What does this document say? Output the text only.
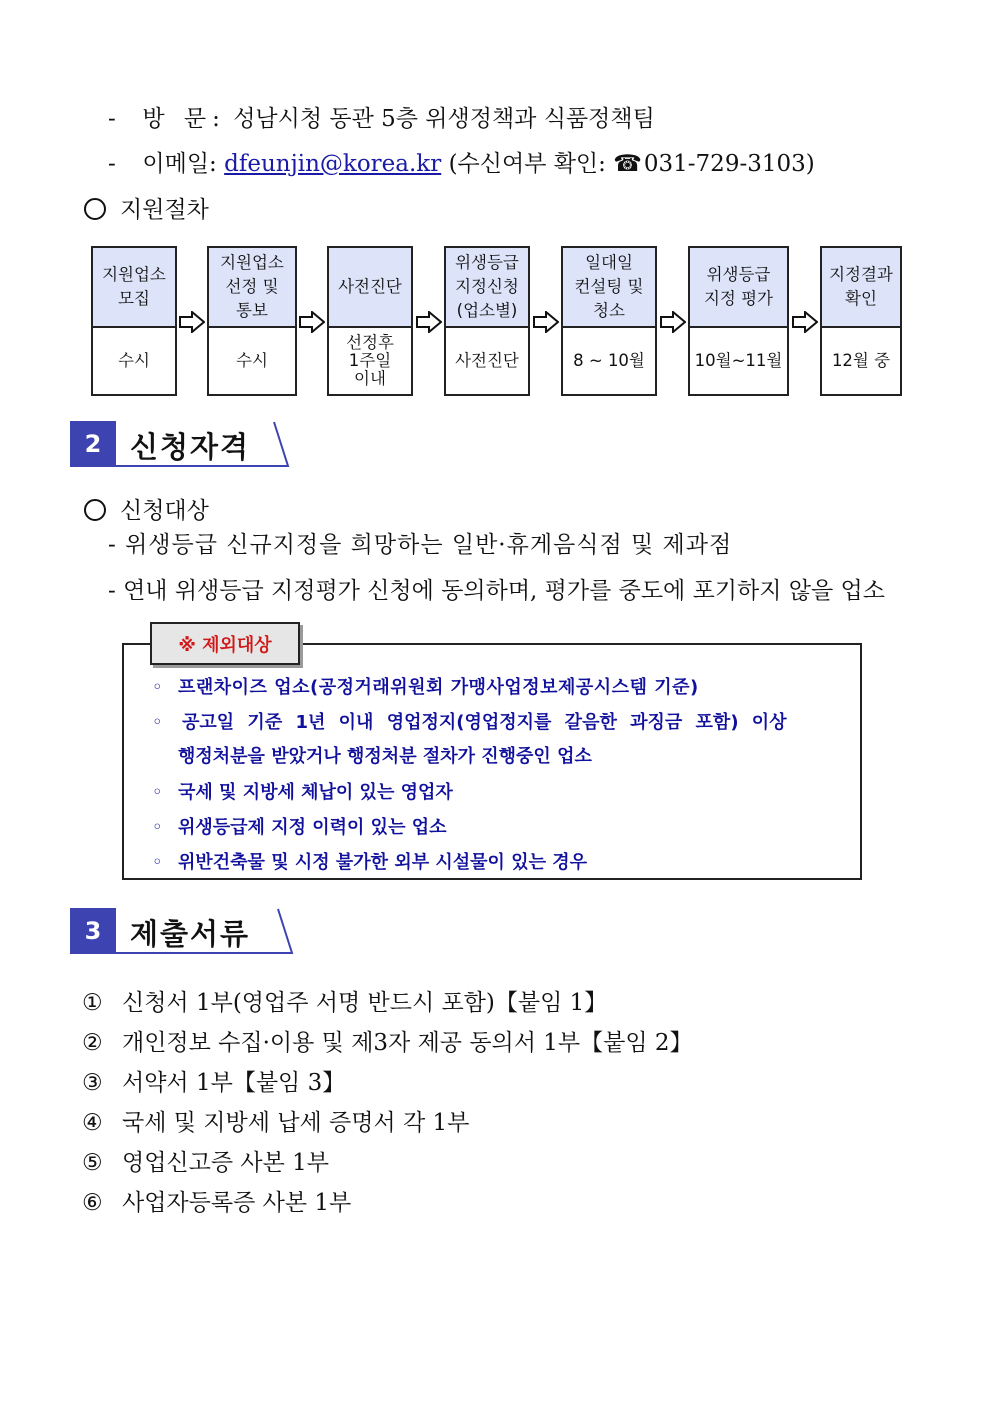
- 방 문: 성남시청 동관 5층 위생정책과 식품정책팀
- 이메일: dfeunjin@korea.kr (수신여부 확인: ☎031-729-3103)
지원절차
지원업소
모집
수시
지원업소
선정 및
통보
수시
사전진단
선정후
1주일
이내
위생등급
지정신청
(업소별)
사전진단
일대일
컨설팅 및
청소
8 ~ 10월
위생등급
지정 평가
10월~11월
지정결과
확인
12월 중
2 신청자격
신청대상
- 위생등급 신규지정을 희망하는 일반·휴게음식점 및 제과점
- 연내 위생등급 지정평가 신청에 동의하며, 평가를 중도에 포기하지 않을 업소
※ 제외대상
◦ 프랜차이즈 업소(공정거래위원회 가맹사업정보제공시스템 기준)
◦ 공고일 기준 1년 이내 영업정지(영업정지를 갈음한 과징금 포함) 이상
행정처분을 받았거나 행정처분 절차가 진행중인 업소
◦ 국세 및 지방세 체납이 있는 영업자
◦ 위생등급제 지정 이력이 있는 업소
◦ 위반건축물 및 시정 불가한 외부 시설물이 있는 경우
3 제출서류
① 신청서 1부(영업주 서명 반드시 포함)【붙임 1】
② 개인정보 수집·이용 및 제3자 제공 동의서 1부【붙임 2】
③ 서약서 1부【붙임 3】
④ 국세 및 지방세 납세 증명서 각 1부
⑤ 영업신고증 사본 1부
⑥ 사업자등록증 사본 1부
